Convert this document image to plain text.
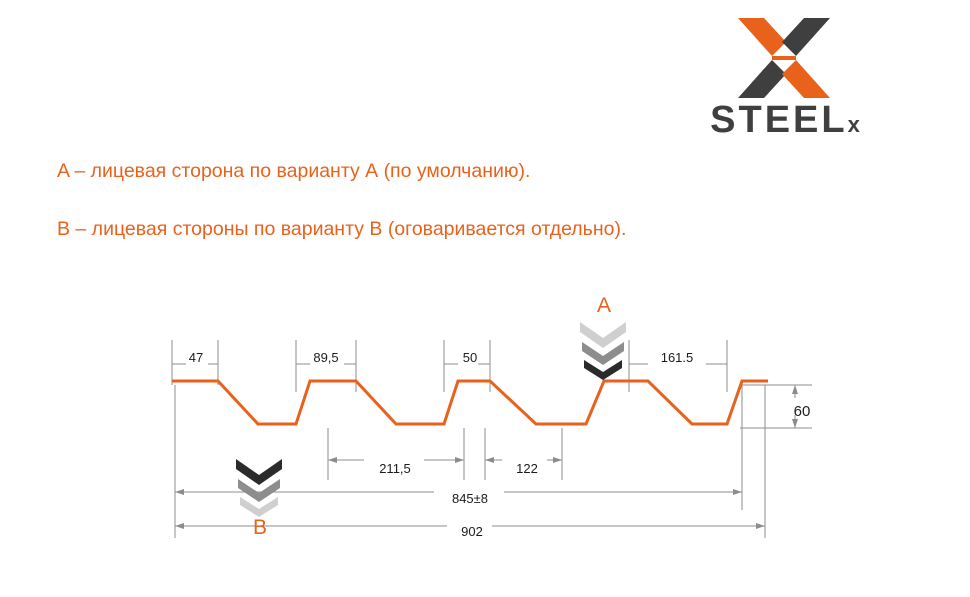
STEELx
A – лицевая сторона по варианту А (по умолчанию).
B – лицевая стороны по варианту В (оговаривается отдельно).
47	89,5	50	161.5
60
211,5	122
845±8
902
A
B
